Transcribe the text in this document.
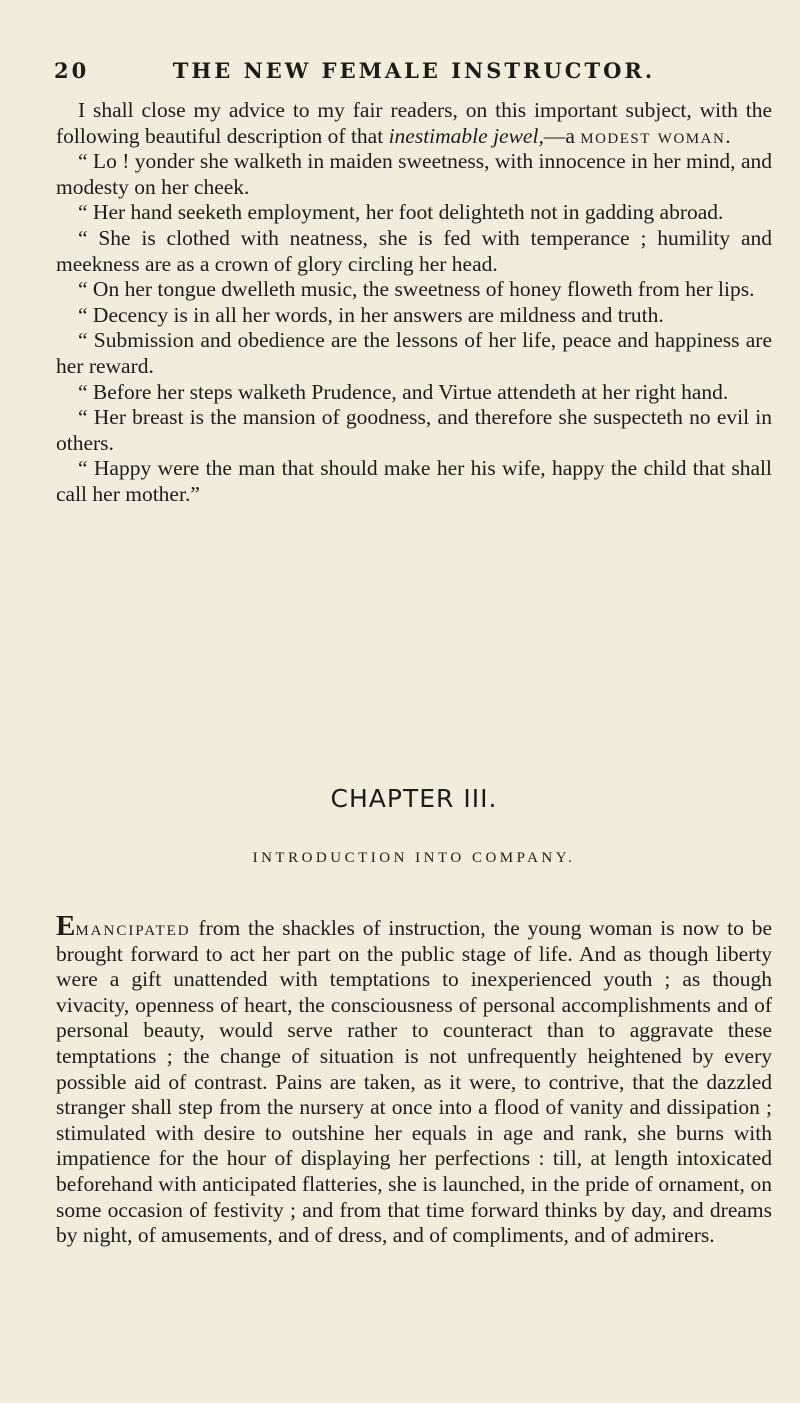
20	THE NEW FEMALE INSTRUCTOR.

I shall close my advice to my fair readers, on this important subject, with the following beautiful description of that inestimable jewel,—a modest woman.

“ Lo ! yonder she walketh in maiden sweetness, with innocence in her mind, and modesty on her cheek.

“ Her hand seeketh employment, her foot delighteth not in gadding abroad.

“ She is clothed with neatness, she is fed with temperance ; humility and meekness are as a crown of glory circling her head.

“ On her tongue dwelleth music, the sweetness of honey floweth from her lips.

“ Decency is in all her words, in her answers are mildness and truth.

“ Submission and obedience are the lessons of her life, peace and happiness are her reward.

“ Before her steps walketh Prudence, and Virtue attendeth at her right hand.

“ Her breast is the mansion of goodness, and therefore she suspecteth no evil in others.

“ Happy were the man that should make her his wife, happy the child that shall call her mother.”

CHAPTER III.
INTRODUCTION INTO COMPANY.

Emancipated from the shackles of instruction, the young woman is now to be brought forward to act her part on the public stage of life. And as though liberty were a gift unattended with temptations to inexperienced youth ; as though vivacity, openness of heart, the consciousness of personal accomplishments and of personal beauty, would serve rather to counteract than to aggravate these temptations ; the change of situation is not unfrequently heightened by every possible aid of contrast. Pains are taken, as it were, to contrive, that the dazzled stranger shall step from the nursery at once into a flood of vanity and dissipation ; stimulated with desire to outshine her equals in age and rank, she burns with impatience for the hour of displaying her perfections : till, at length intoxicated beforehand with anticipated flatteries, she is launched, in the pride of ornament, on some occasion of festivity ; and from that time forward thinks by day, and dreams by night, of amusements, and of dress, and of compliments, and of admirers.
